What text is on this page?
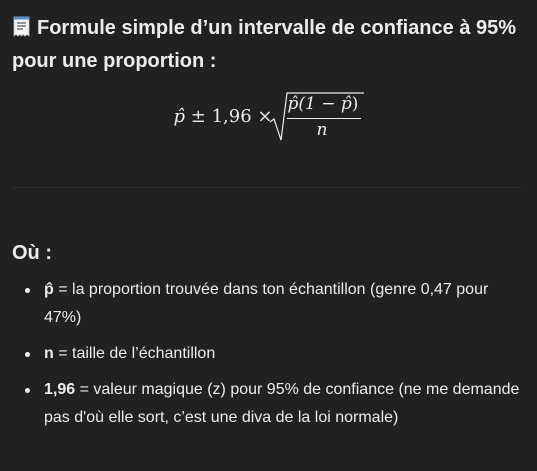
Formule simple d’un intervalle de confiance à 95% pour une proportion :
p̂ ± 1,96 ×
p̂(1 − p̂)
n
Où :
p̂ = la proportion trouvée dans ton échantillon (genre 0,47 pour 47%)
n = taille de l’échantillon
1,96 = valeur magique (z) pour 95% de confiance (ne me demande pas d'où elle sort, c’est une diva de la loi normale)
